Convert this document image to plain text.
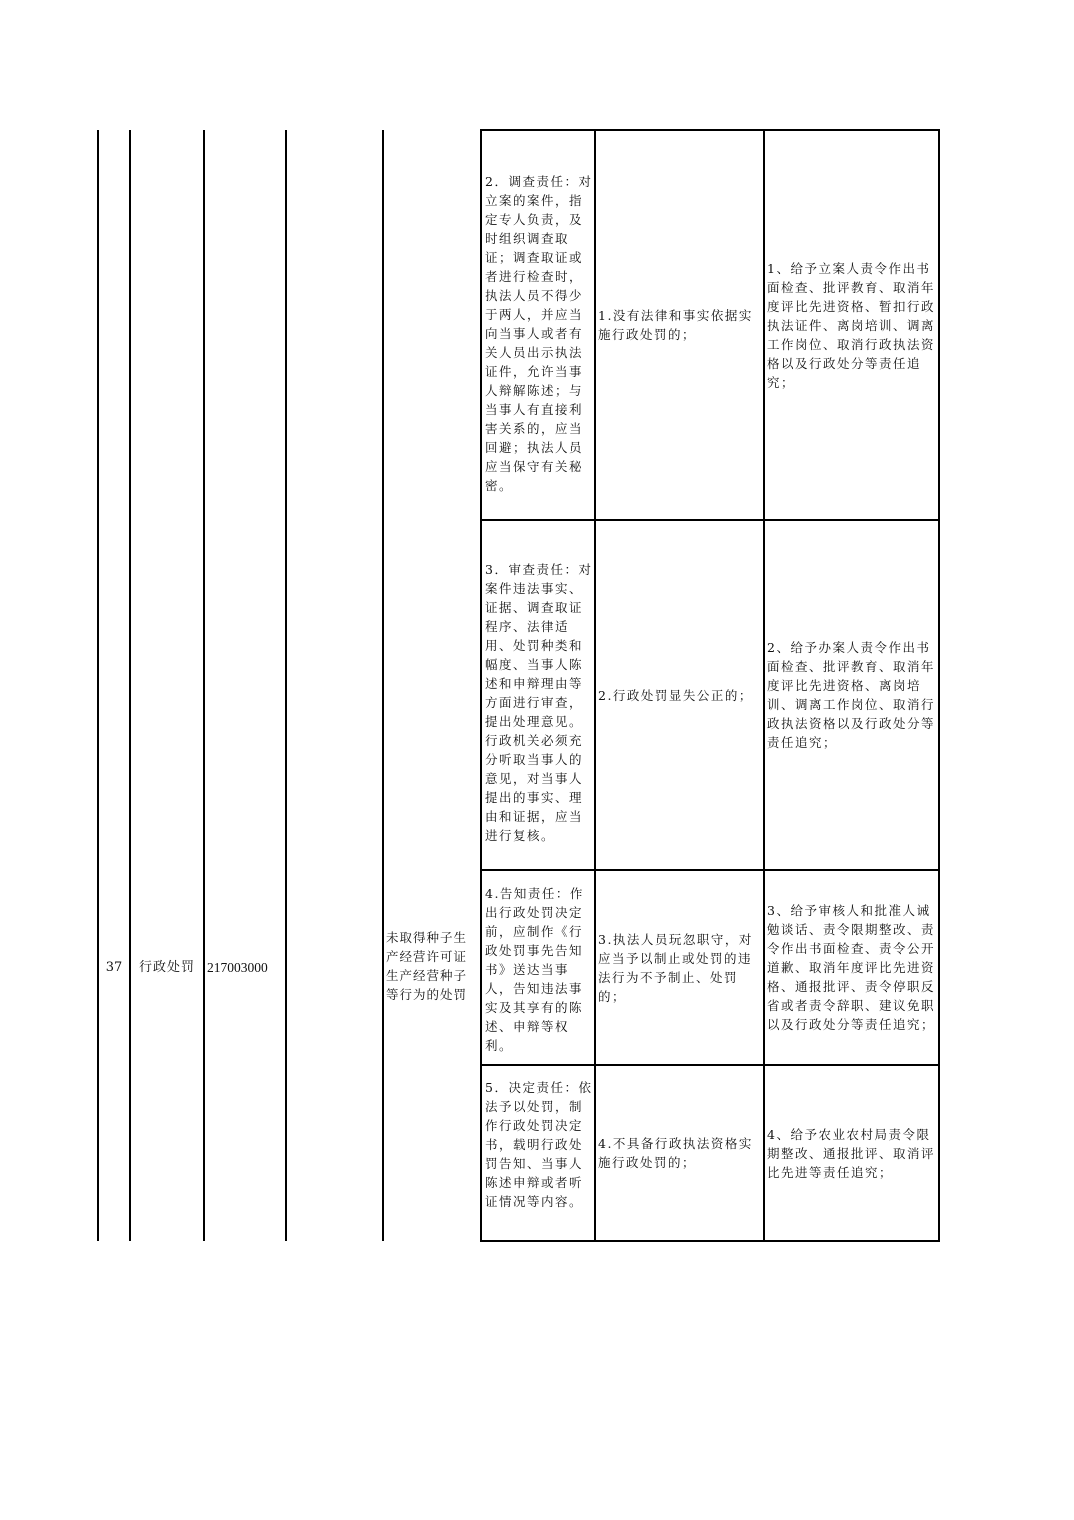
37	行政处罚 217003000
未取得种子生产经营许可证生产经营种子等行为的处罚
2．调查责任：对立案的案件，指定专人负责，及时组织调查取证；调查取证或者进行检查时，执法人员不得少于两人，并应当向当事人或者有关人员出示执法证件，允许当事人辩解陈述；与当事人有直接利害关系的，应当回避；执法人员应当保守有关秘密。
1.没有法律和事实依据实施行政处罚的；
1、给予立案人责令作出书面检查、批评教育、取消年度评比先进资格、暂扣行政执法证件、离岗培训、调离工作岗位、取消行政执法资格以及行政处分等责任追究；
3．审查责任：对案件违法事实、证据、调查取证程序、法律适用、处罚种类和幅度、当事人陈述和申辩理由等方面进行审查，提出处理意见。行政机关必须充分听取当事人的意见，对当事人提出的事实、理由和证据，应当进行复核。
2.行政处罚显失公正的；
2、给予办案人责令作出书面检查、批评教育、取消年度评比先进资格、离岗培训、调离工作岗位、取消行政执法资格以及行政处分等责任追究；
4.告知责任：作出行政处罚决定前，应制作《行政处罚事先告知书》送达当事人，告知违法事实及其享有的陈述、申辩等权利。
3.执法人员玩忽职守，对应当予以制止或处罚的违法行为不予制止、处罚的；
3、给予审核人和批准人诫勉谈话、责令限期整改、责令作出书面检查、责令公开道歉、取消年度评比先进资格、通报批评、责令停职反省或者责令辞职、建议免职以及行政处分等责任追究；
5．决定责任：依法予以处罚，制作行政处罚决定书，载明行政处罚告知、当事人陈述申辩或者听证情况等内容。
4.不具备行政执法资格实施行政处罚的；
4、给予农业农村局责令限期整改、通报批评、取消评比先进等责任追究；
